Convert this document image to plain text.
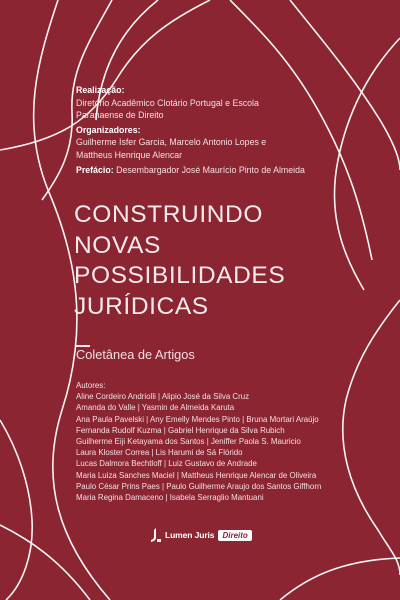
Realização:
Diretório Acadêmico Clotário Portugal e Escola
Paranaense de Direito
Organizadores:
Guilherme Isfer Garcia, Marcelo Antonio Lopes e
Mattheus Henrique Alencar
Prefácio: Desembargador José Maurício Pinto de Almeida
CONSTRUINDO
NOVAS
POSSIBILIDADES
JURÍDICAS
Coletânea de Artigos
Autores:
Aline Cordeiro Andriolli | Alipio José da Silva Cruz
Amanda do Valle | Yasmin de Almeida Karuta
Ana Paula Pavelski | Any Emelly Mendes Pinto | Bruna Mortari Araújo
Fernanda Rudolf Kuzma | Gabriel Henrique da Silva Rubich
Guilherme Eiji Ketayama dos Santos | Jeniffer Paola S. Mauricio
Laura Kloster Correa | Lis Harumi de Sá Flórido
Lucas Dalmora Bechtloff | Luiz Gustavo de Andrade
Maria Luiza Sanches Maciel | Mattheus Henrique Alencar de Oliveira
Paulo César Prins Paes | Paulo Guilherme Araujo dos Santos Giffhorn
Maria Regina Damaceno | Isabela Serraglio Mantuani
Lumen Juris	Direito
